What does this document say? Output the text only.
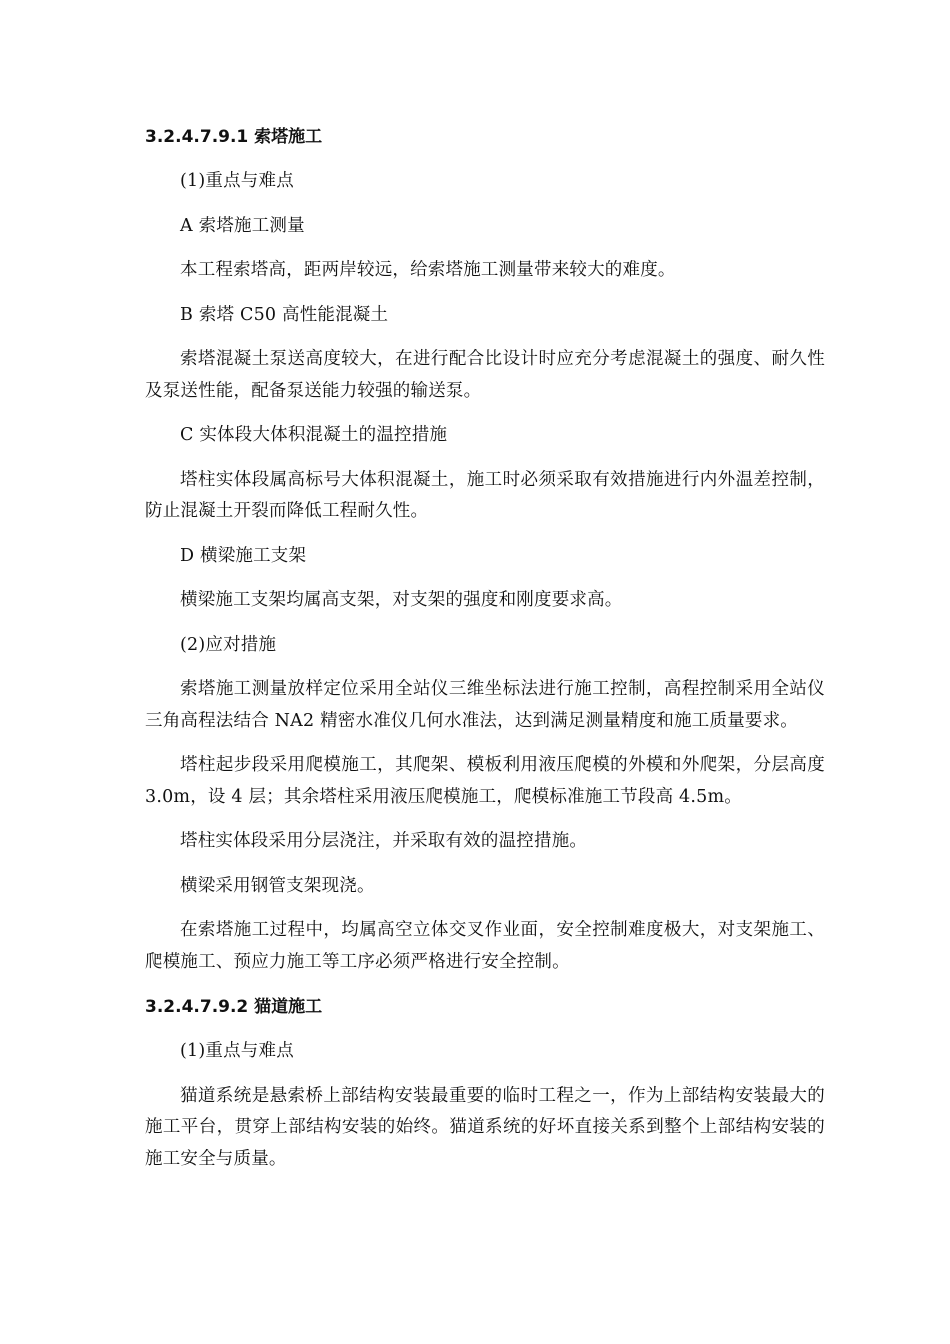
3.2.4.7.9.1 索塔施工
(1)重点与难点
A 索塔施工测量
本工程索塔高，距两岸较远，给索塔施工测量带来较大的难度。
B 索塔 C50 高性能混凝土
索塔混凝土泵送高度较大，在进行配合比设计时应充分考虑混凝土的强度、耐久性及泵送性能，配备泵送能力较强的输送泵。
C 实体段大体积混凝土的温控措施
塔柱实体段属高标号大体积混凝土，施工时必须采取有效措施进行内外温差控制，防止混凝土开裂而降低工程耐久性。
D 横梁施工支架
横梁施工支架均属高支架，对支架的强度和刚度要求高。
(2)应对措施
索塔施工测量放样定位采用全站仪三维坐标法进行施工控制，高程控制采用全站仪三角高程法结合 NA2 精密水准仪几何水准法，达到满足测量精度和施工质量要求。
塔柱起步段采用爬模施工，其爬架、模板利用液压爬模的外模和外爬架，分层高度 3.0m，设 4 层；其余塔柱采用液压爬模施工，爬模标准施工节段高 4.5m。
塔柱实体段采用分层浇注，并采取有效的温控措施。
横梁采用钢管支架现浇。
在索塔施工过程中，均属高空立体交叉作业面，安全控制难度极大，对支架施工、爬模施工、预应力施工等工序必须严格进行安全控制。
3.2.4.7.9.2 猫道施工
(1)重点与难点
猫道系统是悬索桥上部结构安装最重要的临时工程之一，作为上部结构安装最大的施工平台，贯穿上部结构安装的始终。猫道系统的好坏直接关系到整个上部结构安装的施工安全与质量。
